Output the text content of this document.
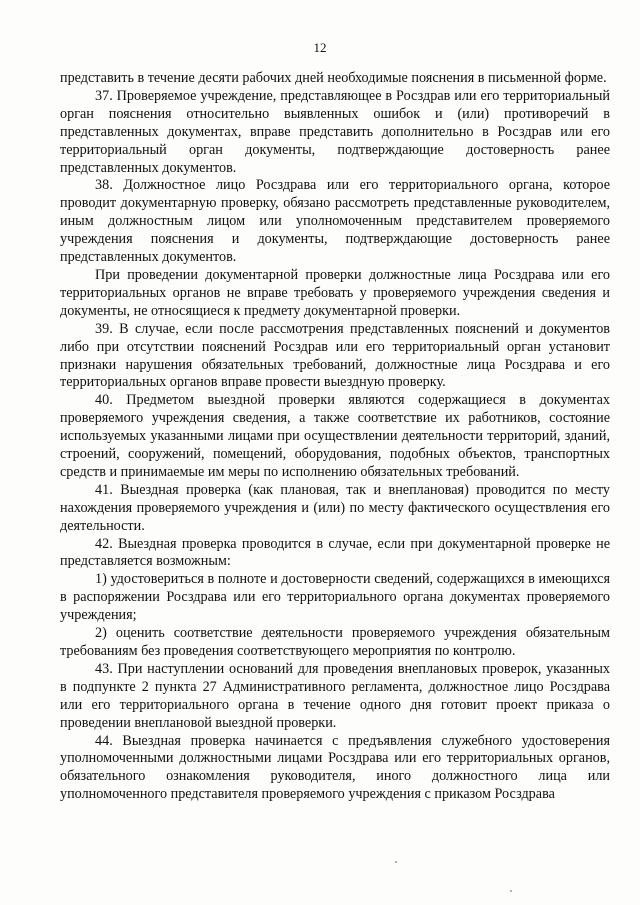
12

представить в течение десяти рабочих дней необходимые пояснения в письменной форме.

37. Проверяемое учреждение, представляющее в Росздрав или его территориальный орган пояснения относительно выявленных ошибок и (или) противоречий в представленных документах, вправе представить дополнительно в Росздрав или его территориальный орган документы, подтверждающие достоверность ранее представленных документов.

38. Должностное лицо Росздрава или его территориального органа, которое проводит документарную проверку, обязано рассмотреть представленные руководителем, иным должностным лицом или уполномоченным представителем проверяемого учреждения пояснения и документы, подтверждающие достоверность ранее представленных документов.

При проведении документарной проверки должностные лица Росздрава или его территориальных органов не вправе требовать у проверяемого учреждения сведения и документы, не относящиеся к предмету документарной проверки.

39. В случае, если после рассмотрения представленных пояснений и документов либо при отсутствии пояснений Росздрав или его территориальный орган установит признаки нарушения обязательных требований, должностные лица Росздрава и его территориальных органов вправе провести выездную проверку.

40. Предметом выездной проверки являются содержащиеся в документах проверяемого учреждения сведения, а также соответствие их работников, состояние используемых указанными лицами при осуществлении деятельности территорий, зданий, строений, сооружений, помещений, оборудования, подобных объектов, транспортных средств и принимаемые им меры по исполнению обязательных требований.

41. Выездная проверка (как плановая, так и внеплановая) проводится по месту нахождения проверяемого учреждения и (или) по месту фактического осуществления его деятельности.

42. Выездная проверка проводится в случае, если при документарной проверке не представляется возможным:

1) удостовериться в полноте и достоверности сведений, содержащихся в имеющихся в распоряжении Росздрава или его территориального органа документах проверяемого учреждения;

2) оценить соответствие деятельности проверяемого учреждения обязательным требованиям без проведения соответствующего мероприятия по контролю.

43. При наступлении оснований для проведения внеплановых проверок, указанных в подпункте 2 пункта 27 Административного регламента, должностное лицо Росздрава или его территориального органа в течение одного дня готовит проект приказа о проведении внеплановой выездной проверки.

44. Выездная проверка начинается с предъявления служебного удостоверения уполномоченными должностными лицами Росздрава или его территориальных органов, обязательного ознакомления руководителя, иного должностного лица или уполномоченного представителя проверяемого учреждения с приказом Росздрава
